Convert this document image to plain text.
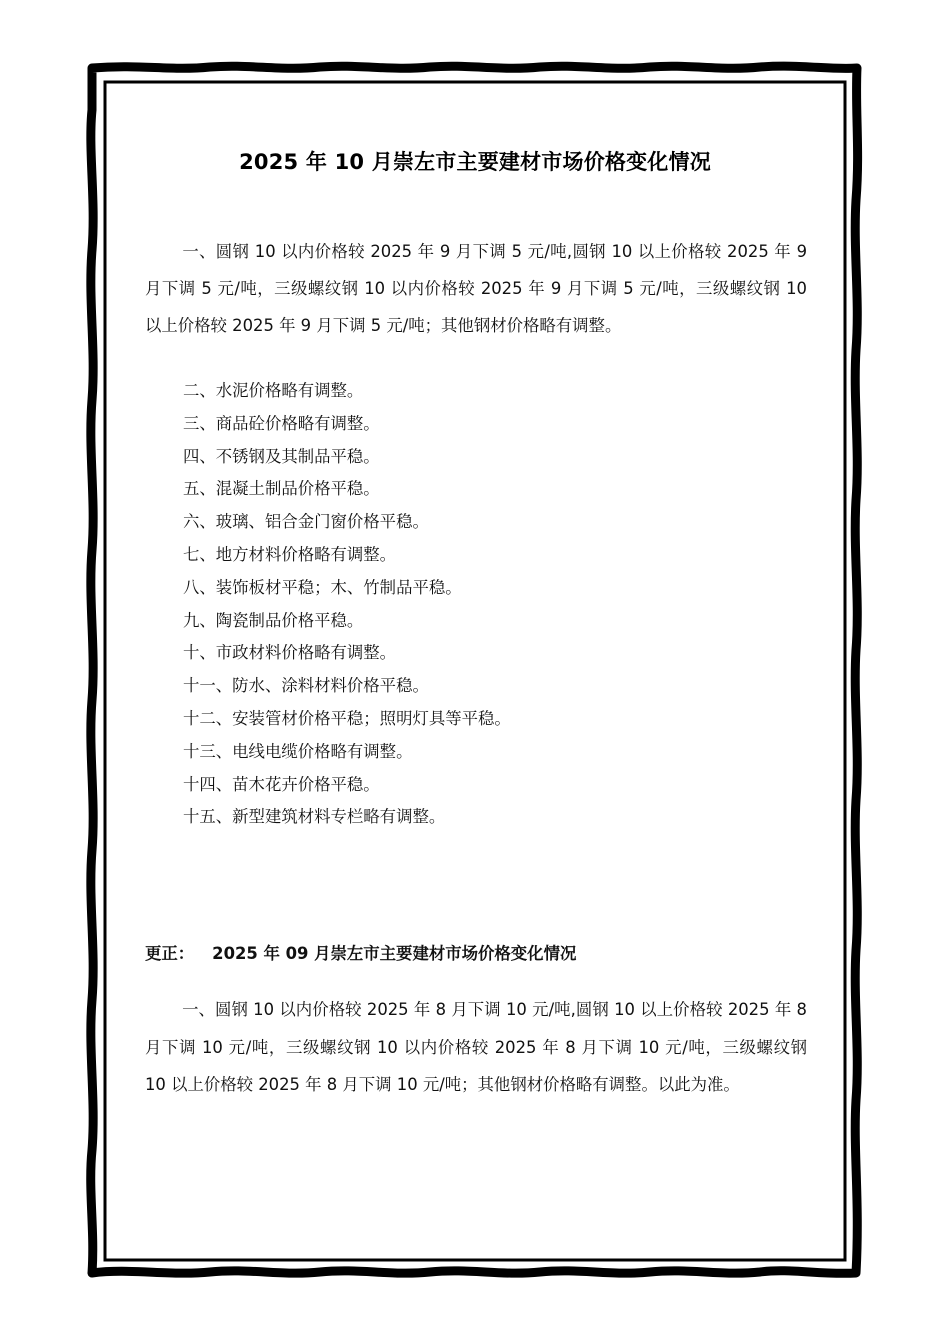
2025 年 10 月崇左市主要建材市场价格变化情况
一、圆钢 10 以内价格较 2025 年 9 月下调 5 元/吨,圆钢 10 以上价格较 2025 年 9 月下调 5 元/吨，三级螺纹钢 10 以内价格较 2025 年 9 月下调 5 元/吨，三级螺纹钢 10 以上价格较 2025 年 9 月下调 5 元/吨；其他钢材价格略有调整。
二、水泥价格略有调整。
三、商品砼价格略有调整。
四、不锈钢及其制品平稳。
五、混凝土制品价格平稳。
六、玻璃、铝合金门窗价格平稳。
七、地方材料价格略有调整。
八、装饰板材平稳；木、竹制品平稳。
九、陶瓷制品价格平稳。
十、市政材料价格略有调整。
十一、防水、涂料材料价格平稳。
十二、安装管材价格平稳；照明灯具等平稳。
十三、电线电缆价格略有调整。
十四、苗木花卉价格平稳。
十五、新型建筑材料专栏略有调整。
更正： 2025 年 09 月崇左市主要建材市场价格变化情况
一、圆钢 10 以内价格较 2025 年 8 月下调 10 元/吨,圆钢 10 以上价格较 2025 年 8 月下调 10 元/吨，三级螺纹钢 10 以内价格较 2025 年 8 月下调 10 元/吨，三级螺纹钢 10 以上价格较 2025 年 8 月下调 10 元/吨；其他钢材价格略有调整。以此为准。
